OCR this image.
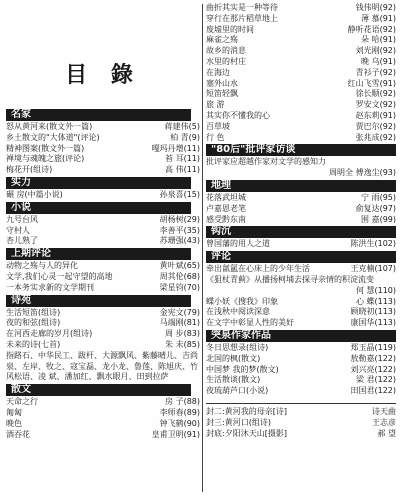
目 錄
名家
怒从黄河来(散文外一篇)	蒋建伟(5)
乡土散文的"大体道"(评论)	柏 青(9)
精神图案(散文外一篇)	嘎玛丹增(11)
禅境与魂魄之旅(评论)	苔 耳(11)
梅花开(组诗)	高 伟(11)
实力
碾 房(中篇小说)	孙泉喜(15)
小说
九号台风	胡杨树(29)
守村人	李善平(35)
杏儿熟了	苏珊强(43)
上期评论
动物之殇与人的异化	黄叶斌(65)
文学,我们心灵一起守望的高地	周其伦(68)
一本务实求新的文学期刊	梁星钧(70)
诗苑
生活短笛(组诗)	金宪文(79)
夜的和弦(组诗)	马端刚(81)
在河西走廊的岁月(组诗)	周 步(83)
未来的诗(七首)	朱 未(85)
指路石、中华民工、跋杆、大源飘风、紫藤晴儿、吉尚泉、左岸、牧之、寇宝磊、龙小龙、鲁莲、陈旭庆、竹风松语、凌 斌、潘加红、飘水眼月、田到拉萨
散文
天命之行	房 子(88)
匍匐	李师春(89)
晚色	钟飞鹤(90)
酒吞花	皇甫卫明(91)
曲折其实是一种等待	钱伟明(92)
穿行在那片稻草地上	薄 慕(91)
废墟里的时间	静听花语(92)
麻雀之殇	朵 哈(91)
故乡的消息	刘光刚(92)
水里的村庄	晚 乌(91)
在海边	青衫子(92)
塞外山水	红山飞雪(91)
短笛轻飘	徐长顺(92)
旅 游	罗安文(92)
其实你不懂我的心	赵东莉(91)
百草坡	贾巴尔(92)
行 色	张兆成(92)
"80后"批评家访谈
批评家应超越作家对文学的感知力
周明全 傅逸尘(93)
地理
花落武坦城	宁 雨(95)
卢嘉恩老笔	俞复达(97)
感受黔东南	围 嘉(99)
钩沉
曾国藩的用人之道	陈洪生(102)
评论
牵出氤氲在心床上的少年生活	王克楠(107)
《狙杖青蓟》从播扬柯埔去探寻亲情的积淀流变
何 慧(110)
蝶小妖《搜我》印象	心 蝶(113)
在浅秋中阅读深意	顾晓初(113)
在文字中彰显人性的美好	康国华(113)
突泉作家作品
冬日思想录(组诗)	郑玉晶(119)
北国的枫(散文)	敖勒嘉(122)
中国梦 我的梦(散文)	刘兴亮(122)
生活散谈(散文)	梁 君(122)
夜琉葫芦口(小说)	田国君(122)
封二:黄河我的母亲[诗]	诗天曲
封三:黄河口(组诗)	王志彦
封底:夕阳沐天山[摄影]	郝 望
